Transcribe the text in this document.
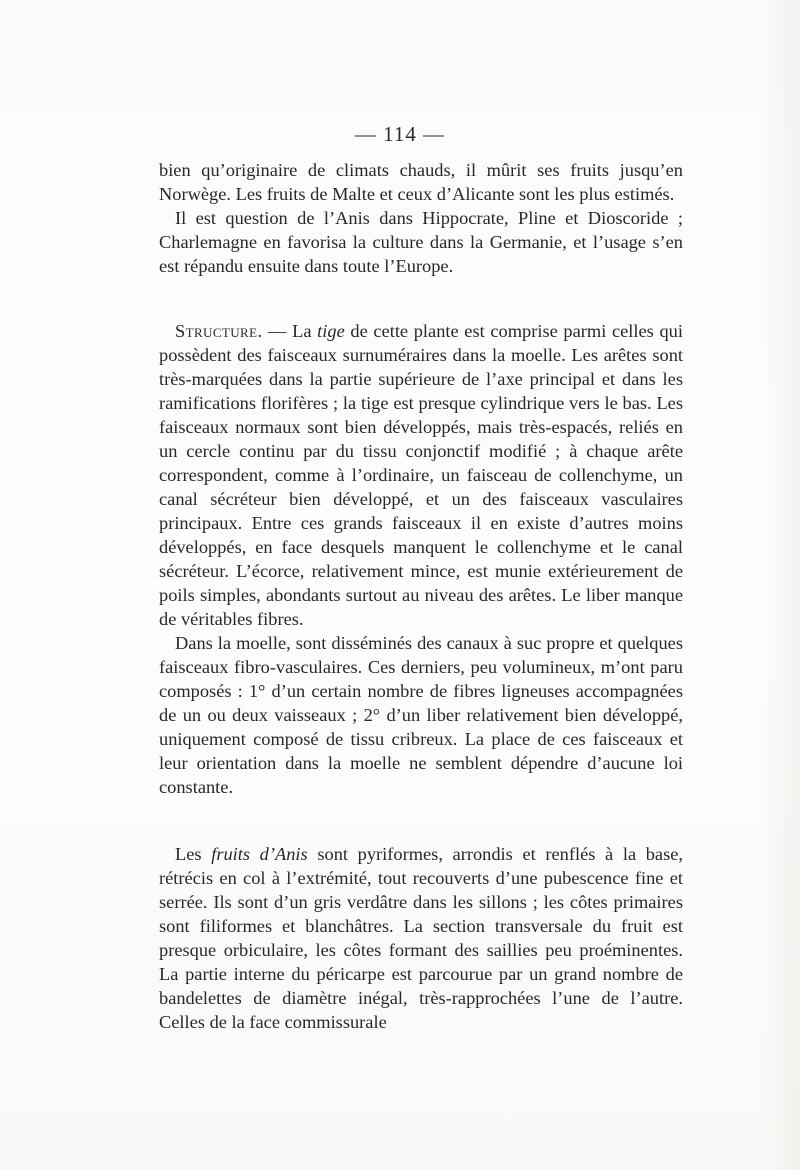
— 114 —

bien qu’originaire de climats chauds, il mûrit ses fruits jusqu’en Norwège. Les fruits de Malte et ceux d’Alicante sont les plus estimés.

Il est question de l’Anis dans Hippocrate, Pline et Dioscoride ; Charlemagne en favorisa la culture dans la Germanie, et l’usage s’en est répandu ensuite dans toute l’Europe.

Structure. — La tige de cette plante est comprise parmi celles qui possèdent des faisceaux surnuméraires dans la moelle. Les arêtes sont très-marquées dans la partie supérieure de l’axe principal et dans les ramifications florifères ; la tige est presque cylindrique vers le bas. Les faisceaux normaux sont bien développés, mais très-espacés, reliés en un cercle continu par du tissu conjonctif modifié ; à chaque arête correspondent, comme à l’ordinaire, un faisceau de collenchyme, un canal sécréteur bien développé, et un des faisceaux vasculaires principaux. Entre ces grands faisceaux il en existe d’autres moins développés, en face desquels manquent le collenchyme et le canal sécréteur. L’écorce, relativement mince, est munie extérieurement de poils simples, abondants surtout au niveau des arêtes. Le liber manque de véritables fibres.

Dans la moelle, sont disséminés des canaux à suc propre et quelques faisceaux fibro-vasculaires. Ces derniers, peu volumineux, m’ont paru composés : 1° d’un certain nombre de fibres ligneuses accompagnées de un ou deux vaisseaux ; 2° d’un liber relativement bien développé, uniquement composé de tissu cribreux. La place de ces faisceaux et leur orientation dans la moelle ne semblent dépendre d’aucune loi constante.

Les fruits d’Anis sont pyriformes, arrondis et renflés à la base, rétrécis en col à l’extrémité, tout recouverts d’une pubescence fine et serrée. Ils sont d’un gris verdâtre dans les sillons ; les côtes primaires sont filiformes et blanchâtres. La section transversale du fruit est presque orbiculaire, les côtes formant des saillies peu proéminentes. La partie interne du péricarpe est parcourue par un grand nombre de bandelettes de diamètre inégal, très-rapprochées l’une de l’autre. Celles de la face commissurale
